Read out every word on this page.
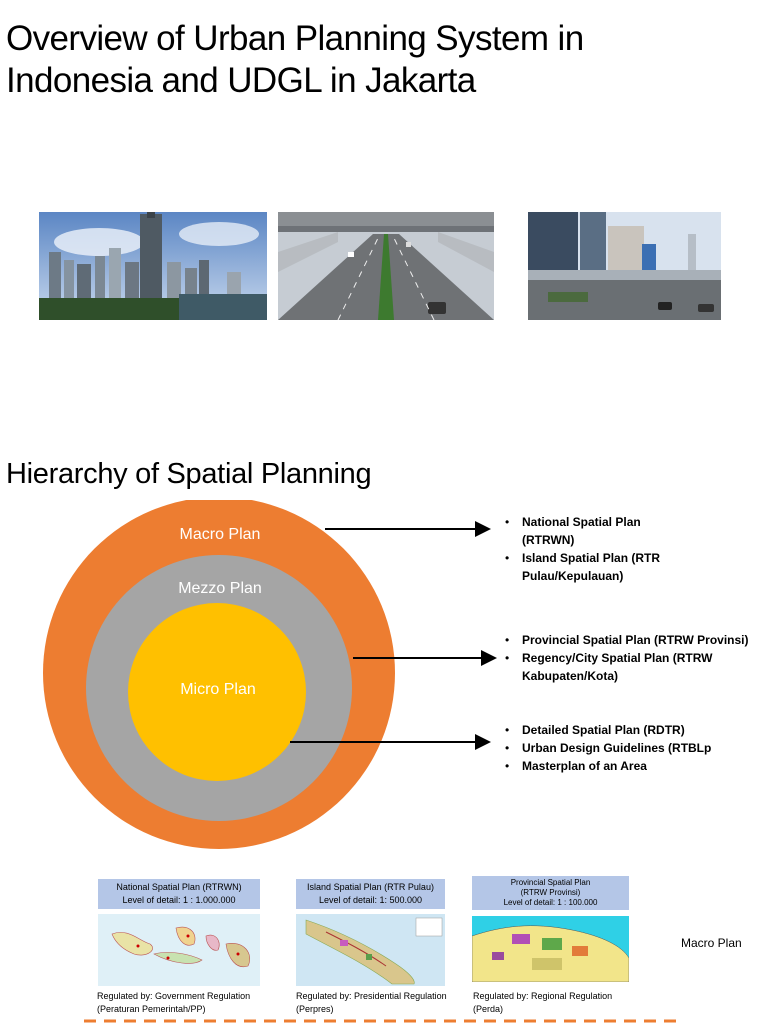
Overview of Urban Planning System in
Indonesia and UDGL in Jakarta
Hierarchy of Spatial Planning
Macro Plan
Mezzo Plan
Micro Plan
• National Spatial Plan (RTRWN)
• Island Spatial Plan (RTR Pulau/Kepulauan)
• Provincial Spatial Plan (RTRW Provinsi)
• Regency/City Spatial Plan (RTRW Kabupaten/Kota)
• Detailed Spatial Plan (RDTR)
• Urban Design Guidelines (RTBLp
• Masterplan of an Area
National Spatial Plan (RTRWN)
Level of detail: 1 : 1.000.000
Regulated by: Government Regulation (Peraturan Pemerintah/PP)
Island Spatial Plan (RTR Pulau)
Level of detail: 1: 500.000
Regulated by: Presidential Regulation (Perpres)
Provincial Spatial Plan
(RTRW Provinsi)
Level of detail: 1 : 100.000
Regulated by: Regional Regulation (Perda)
Macro Plan
